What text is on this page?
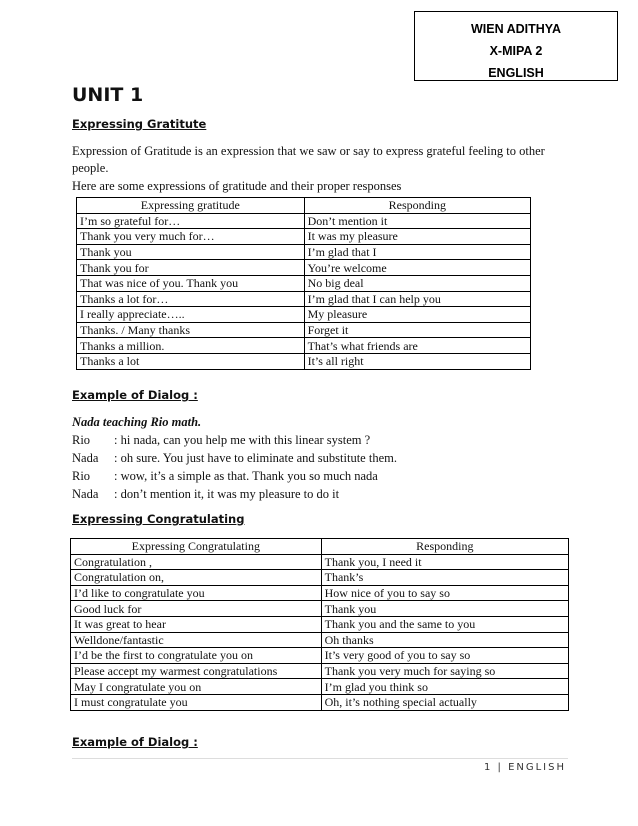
WIEN ADITHYA
X-MIPA 2
ENGLISH
UNIT 1
Expressing Gratitute
Expression of Gratitude is an expression that we saw or say to express grateful feeling to other people.
Here are some expressions of gratitude and their proper responses
Expressing gratitude	Responding
I’m so grateful for…	Don’t mention it
Thank you very much for…	It was my pleasure
Thank you	I’m glad that I
Thank you for	You’re welcome
That was nice of you. Thank you	No big deal
Thanks a lot for…	I’m glad that I can help you
I really appreciate…..	My pleasure
Thanks. / Many thanks	Forget it
Thanks a million.	That’s what friends are
Thanks a lot	It’s all right
Example of Dialog :
Nada teaching Rio math.
Rio : hi nada, can you help me with this linear system ?
Nada : oh sure. You just have to eliminate and substitute them.
Rio : wow, it’s a simple as that. Thank you so much nada
Nada : don’t mention it, it was my pleasure to do it
Expressing Congratulating
Expressing Congratulating	Responding
Congratulation ,	Thank you, I need it
Congratulation on,	Thank’s
I’d like to congratulate you	How nice of you to say so
Good luck for	Thank you
It was great to hear	Thank you and the same to you
Welldone/fantastic	Oh thanks
I’d be the first to congratulate you on	It’s very good of you to say so
Please accept my warmest congratulations	Thank you very much for saying so
May I congratulate you on	I’m glad you think so
I must congratulate you	Oh, it’s nothing special actually
Example of Dialog :
1 | ENGLISH
